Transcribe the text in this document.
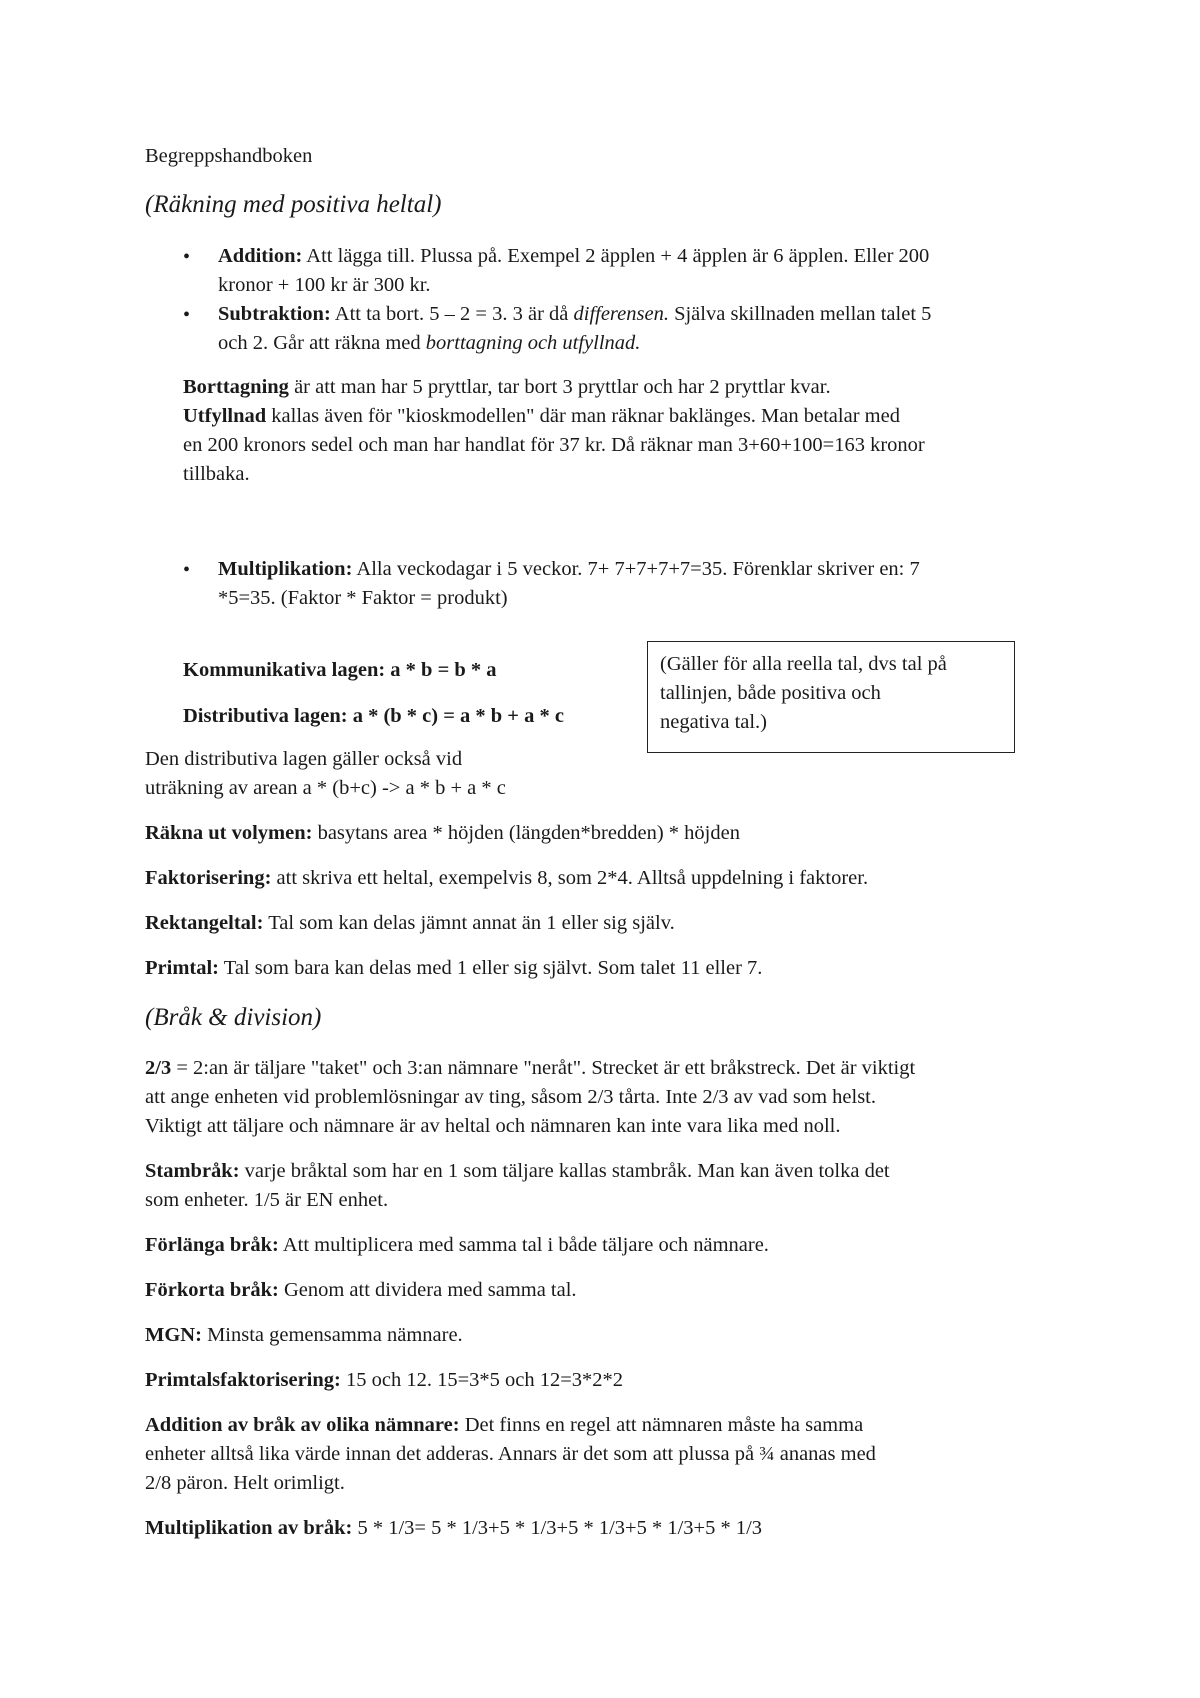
Begreppshandboken
(Räkning med positiva heltal)
• Addition: Att lägga till. Plussa på. Exempel 2 äpplen + 4 äpplen är 6 äpplen. Eller 200
kronor + 100 kr är 300 kr.
• Subtraktion: Att ta bort. 5 – 2 = 3. 3 är då differensen. Själva skillnaden mellan talet 5
och 2. Går att räkna med borttagning och utfyllnad.
Borttagning är att man har 5 pryttlar, tar bort 3 pryttlar och har 2 pryttlar kvar.
Utfyllnad kallas även för "kioskmodellen" där man räknar baklänges. Man betalar med
en 200 kronors sedel och man har handlat för 37 kr. Då räknar man 3+60+100=163 kronor
tillbaka.
• Multiplikation: Alla veckodagar i 5 veckor. 7+ 7+7+7+7=35. Förenklar skriver en: 7
*5=35. (Faktor * Faktor = produkt)
Kommunikativa lagen: a * b = b * a
Distributiva lagen: a * (b * c) = a * b + a * c
(Gäller för alla reella tal, dvs tal på
tallinjen, både positiva och
negativa tal.)
Den distributiva lagen gäller också vid
uträkning av arean a * (b+c) -> a * b + a * c
Räkna ut volymen: basytans area * höjden (längden*bredden) * höjden
Faktorisering: att skriva ett heltal, exempelvis 8, som 2*4. Alltså uppdelning i faktorer.
Rektangeltal: Tal som kan delas jämnt annat än 1 eller sig själv.
Primtal: Tal som bara kan delas med 1 eller sig självt. Som talet 11 eller 7.
(Bråk & division)
2/3 = 2:an är täljare "taket" och 3:an nämnare "neråt". Strecket är ett bråkstreck. Det är viktigt
att ange enheten vid problemlösningar av ting, såsom 2/3 tårta. Inte 2/3 av vad som helst.
Viktigt att täljare och nämnare är av heltal och nämnaren kan inte vara lika med noll.
Stambråk: varje bråktal som har en 1 som täljare kallas stambråk. Man kan även tolka det
som enheter. 1/5 är EN enhet.
Förlänga bråk: Att multiplicera med samma tal i både täljare och nämnare.
Förkorta bråk: Genom att dividera med samma tal.
MGN: Minsta gemensamma nämnare.
Primtalsfaktorisering: 15 och 12. 15=3*5 och 12=3*2*2
Addition av bråk av olika nämnare: Det finns en regel att nämnaren måste ha samma
enheter alltså lika värde innan det adderas. Annars är det som att plussa på ¾ ananas med
2/8 päron. Helt orimligt.
Multiplikation av bråk: 5 * 1/3= 5 * 1/3+5 * 1/3+5 * 1/3+5 * 1/3+5 * 1/3
